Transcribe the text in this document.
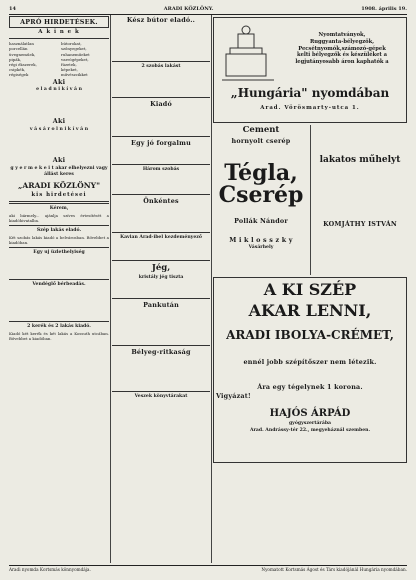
14	ARADI KÖZLÖNY.	1908. április 19.
APRÓ HIRDETÉSEK.
A k i n e k
használatlan	bútorokat,
porcellán	szőnyegeket,
üvegneműek,	ruhaneműeket
pipák,	varrógépeket,
régi ékszerek,	füzetek,
csipkék,	képeket,
régiségek	művészcikket
Aki
e l a d n i k í v á n
Aki
v á s á r o l n i k í v á n
Aki
g y e r m e k e i t akar elhelyezni vagy állást keres
„ARADI KÖZLÖNY"
kis hirdetései
Kérem,

aki bármely... ajánlja szíves értesítését a kiadóhivatalba.

Szép lakás eladó.

Két szobás lakás kiadó a belvárosban. Bővebbet a kiadóban.

Egy uj üzlethelyiség
Vendéglő bérbeadás.
2 kerék és 2 lakás kiadó.

Kiadó két kerék és két lakás a Kossuth utcában. Bővebbet a kiadóban.

Kész bútor eladó..
2 szobás lakást
Kiadó
Egy jó forgalmu
Három szobás
Önkéntes
Kavian Arad-ibel kezdeményező
Jég,
kristály jég tiszta
Pankután
Bélyeg-ritkaság
Veszek könyvtárakat
Nyomtatványok,
Ruggyanta-bélyegzők,
Pecsétnyomók,számozó-gépek
kelti bélyegzők és készüléket a legjutányosabb áron kaphatók a
„Hungária" nyomdában
Arad. Vörösmarty-utca 1.
Cement
hornyolt cserép
Tégla,
Cserép
Pollák Nándor
M i k l o s s z k y
Vásárhely
lakatos műhelyt
KOMJÁTHY ISTVÁN
A KI SZÉP
AKAR LENNI,
ARADI IBOLYA-CRÉMET,
ennél jobb szépítőszer nem létezik.
Ára egy tégelynek 1 korona.
Vigyázat!
HAJÓS ÁRPÁD
gyógyszertárába
Arad. Andrássy-tér 22., megyeháznál szemben.
Aradi nyomda Kortsmás könnyomdája.	Nyomatott Kortsmás Ágost és Társ kiadójánál Hungária nyomdában.
